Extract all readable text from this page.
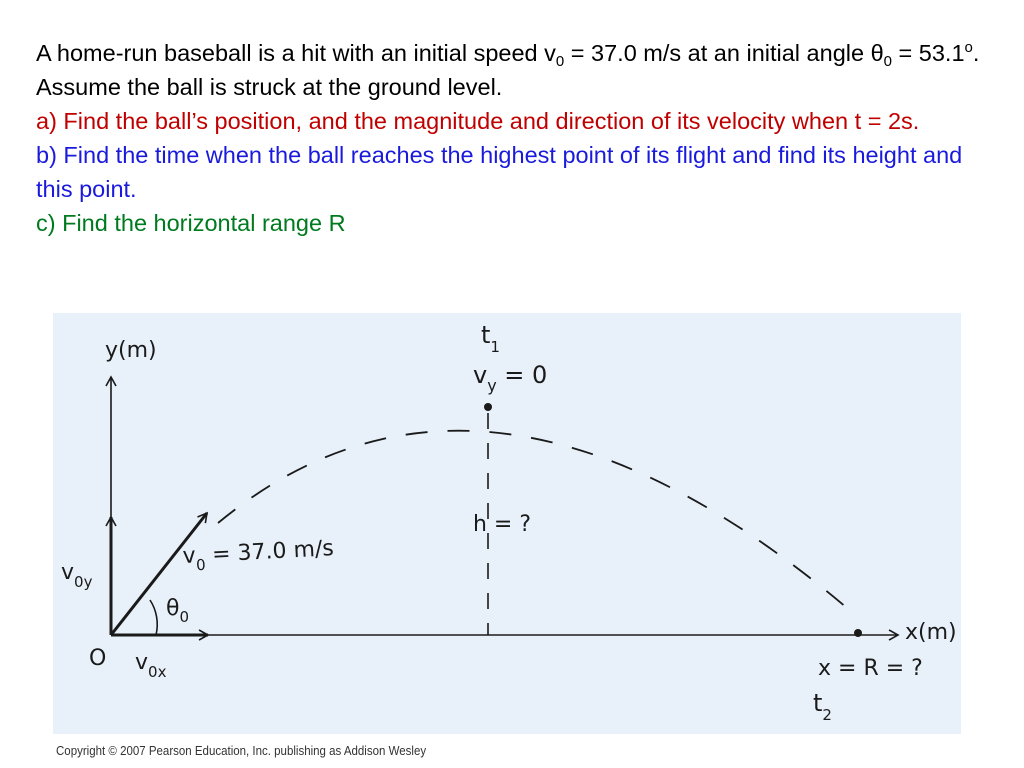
A home-run baseball is a hit with an initial speed $v_0 = 37.0$ m/s at an initial angle $\theta_0 = 53.1^o$. Assume the ball is struck at the ground level.

a) Find the ball’s position, and the magnitude and direction of its velocity when t = 2s.

b) Find the time when the ball reaches the highest point of its flight and find its height and this point.

c) Find the horizontal range R

y(m)
x(m)
O
$t_1$
$v_y = 0$
h = ?
$v_0 = 37.0$ m/s
$\theta_0$
$v_{0y}$
$v_{0x}$	x = R = ?
$t_2$
Copyright © 2007 Pearson Education, Inc. publishing as Addison Wesley
